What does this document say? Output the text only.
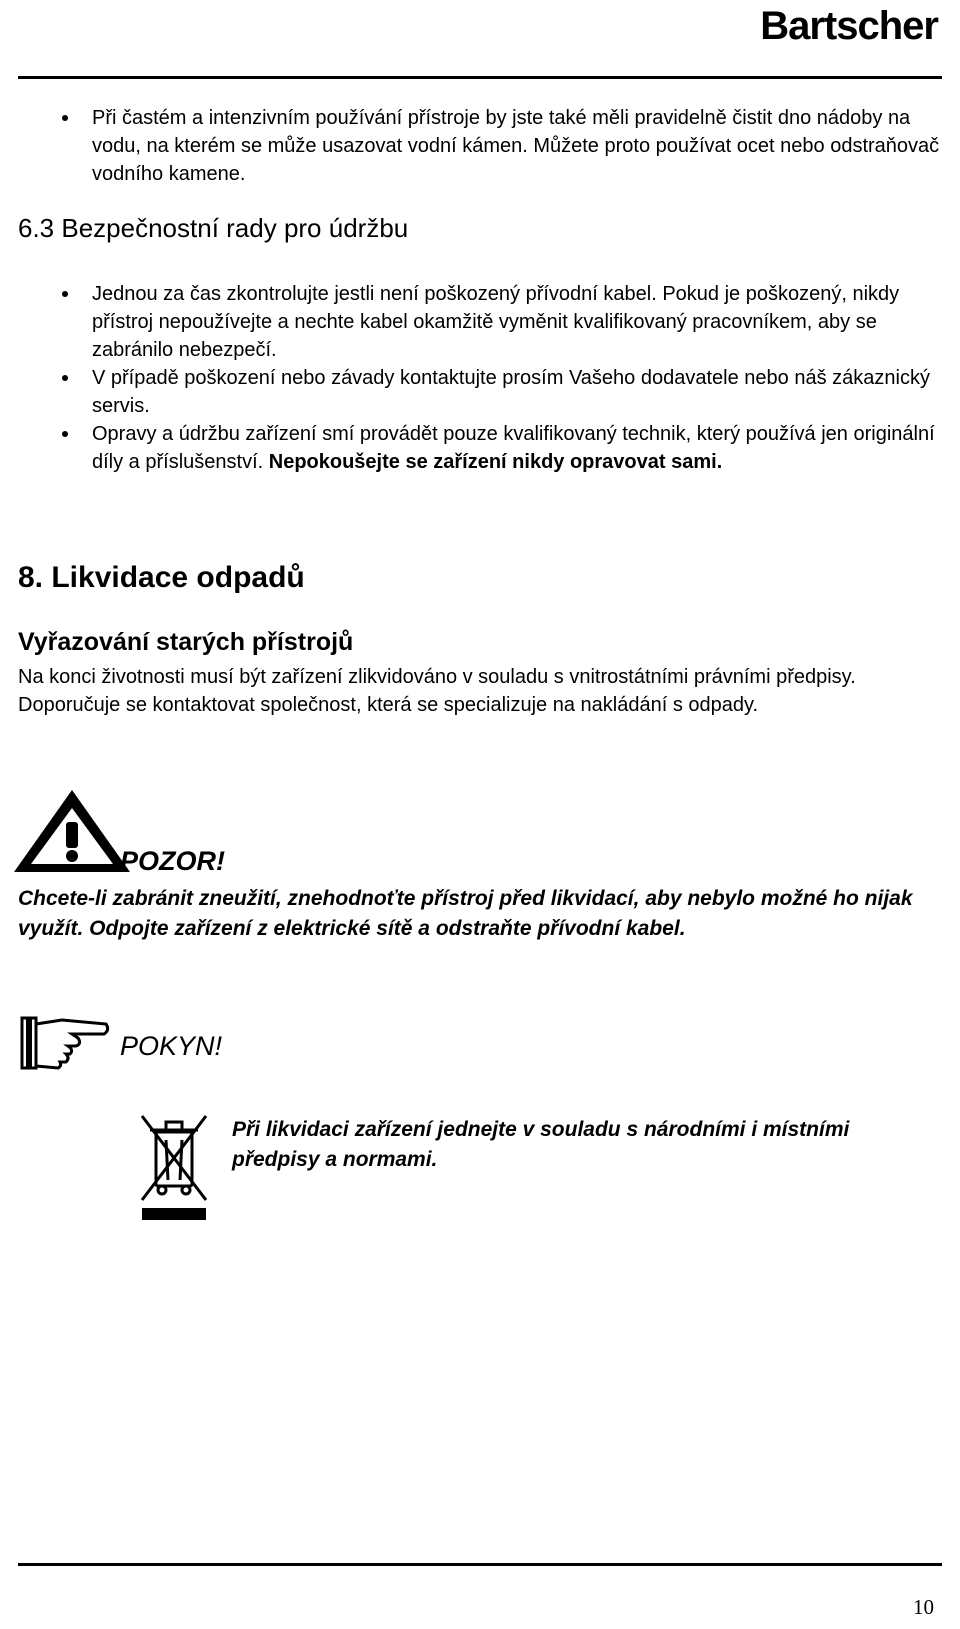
Bartscher
Při častém a intenzivním používání přístroje by jste také měli pravidelně čistit dno nádoby na vodu, na kterém se může usazovat vodní kámen. Můžete proto používat ocet nebo odstraňovač vodního kamene.
6.3 Bezpečnostní rady pro údržbu
Jednou za čas zkontrolujte jestli není poškozený přívodní kabel. Pokud je poškozený, nikdy přístroj nepoužívejte a nechte kabel okamžitě vyměnit kvalifikovaný pracovníkem, aby se zabránilo nebezpečí.
V případě poškození nebo závady kontaktujte prosím Vašeho dodavatele nebo náš zákaznický servis.
Opravy a údržbu zařízení smí provádět pouze kvalifikovaný technik, který používá jen originální díly a příslušenství. Nepokoušejte se zařízení nikdy opravovat sami.
8. Likvidace odpadů
Vyřazování starých přístrojů

Na konci životnosti musí být zařízení zlikvidováno v souladu s vnitrostátními právními předpisy. Doporučuje se kontaktovat společnost, která se specializuje na nakládání s odpady.

POZOR!

Chcete-li zabránit zneužití, znehodnoťte přístroj před likvidací, aby nebylo možné ho nijak využít. Odpojte zařízení z elektrické sítě a odstraňte přívodní kabel.

POKYN!

Při likvidaci zařízení jednejte v souladu s národními i místními předpisy a normami.

10
